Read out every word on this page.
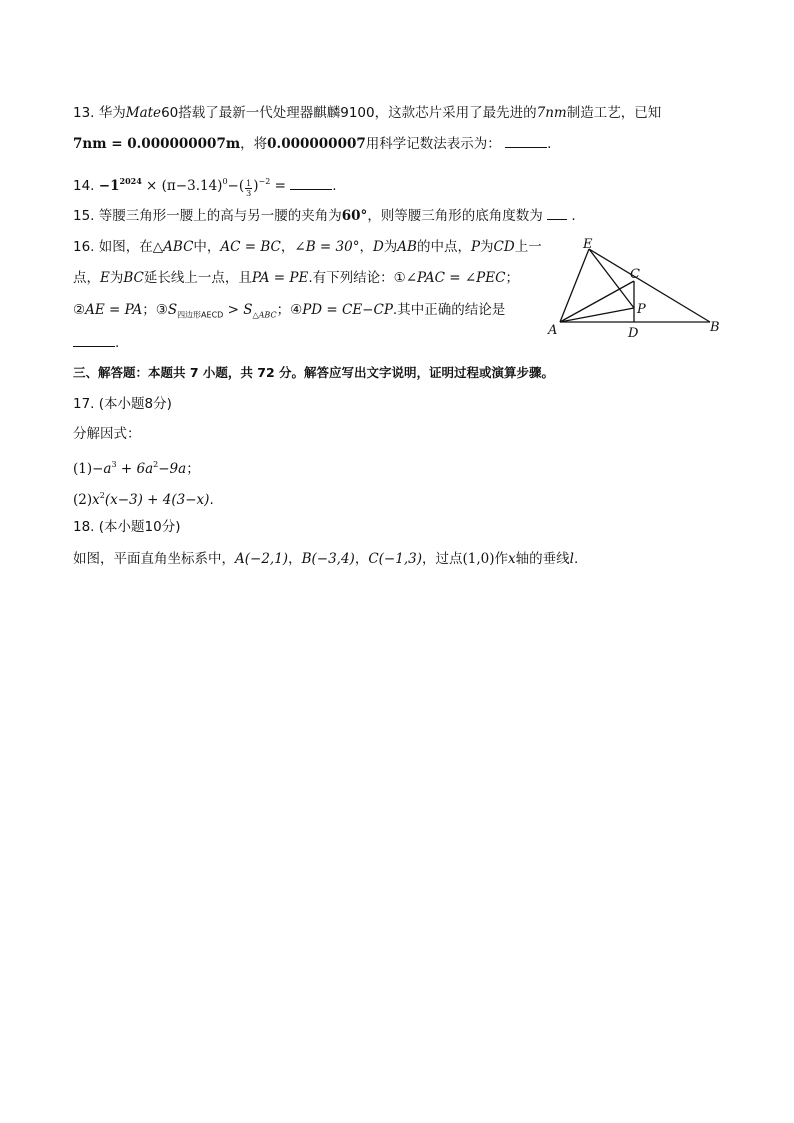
13. 华为Mate60搭载了最新一代处理器麒麟9100，这款芯片采用了最先进的7nm制造工艺，已知
7nm = 0.000000007m，将0.000000007用科学记数法表示为：	.
14. $-1^{2024} \times (\pi-3.14)^0-( \frac{1}{3} )^{-2}$ =	.
15. 等腰三角形一腰上的高与另一腰的夹角为60°，则等腰三角形的底角度数为  .
16. 如图，在△ABC中，AC = BC，∠B = 30°，D为AB的中点，P为CD上一
点，E为BC延长线上一点，且PA = PE.有下列结论：①∠PAC = ∠PEC；
②AE = PA；$③S_{四边形AECD} > S_{\triangle ABC}$；④PD = CE−CP.其中正确的结论是
.
E
C
P
A	D	B
三、解答题：本题共 7 小题，共 72 分。解答应写出文字说明，证明过程或演算步骤。
17. (本小题8分)
分解因式：
$(1)-a^3 + 6a^2-9a$；
$(2)x^2(x-3) + 4(3-x)$.
18. (本小题10分)
如图，平面直角坐标系中，A(−2,1)，B(−3,4)，C(−1,3)，过点(1,0)作x轴的垂线l.
